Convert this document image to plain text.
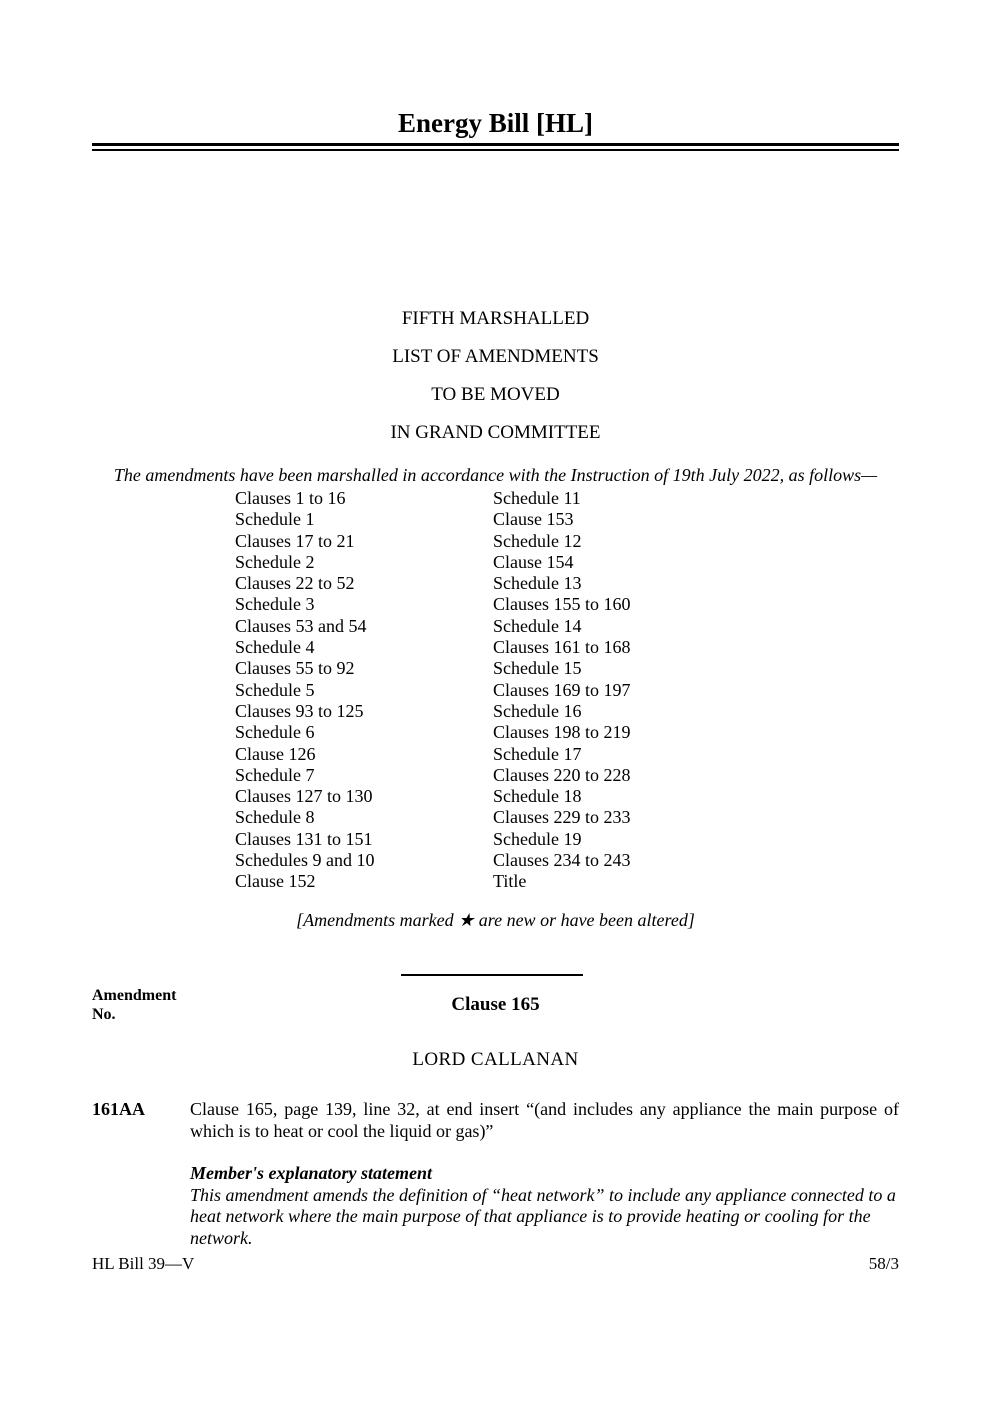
Energy Bill [HL]
FIFTH MARSHALLED
LIST OF AMENDMENTS
TO BE MOVED
IN GRAND COMMITTEE

The amendments have been marshalled in accordance with the Instruction of 19th July 2022, as follows—

Clauses 1 to 16
Schedule 1
Clauses 17 to 21
Schedule 2
Clauses 22 to 52
Schedule 3
Clauses 53 and 54
Schedule 4
Clauses 55 to 92
Schedule 5
Clauses 93 to 125
Schedule 6
Clause 126
Schedule 7
Clauses 127 to 130
Schedule 8
Clauses 131 to 151
Schedules 9 and 10
Clause 152
Schedule 11
Clause 153
Schedule 12
Clause 154
Schedule 13
Clauses 155 to 160
Schedule 14
Clauses 161 to 168
Schedule 15
Clauses 169 to 197
Schedule 16
Clauses 198 to 219
Schedule 17
Clauses 220 to 228
Schedule 18
Clauses 229 to 233
Schedule 19
Clauses 234 to 243
Title

[Amendments marked ★ are new or have been altered]

Amendment
No.	Clause 165
LORD CALLANAN
161AA	Clause 165, page 139, line 32, at end insert “(and includes any appliance the main purpose of which is to heat or cool the liquid or gas)”

Member's explanatory statement

This amendment amends the definition of “heat network” to include any appliance connected to a heat network where the main purpose of that appliance is to provide heating or cooling for the network.

HL Bill 39—V	58/3
